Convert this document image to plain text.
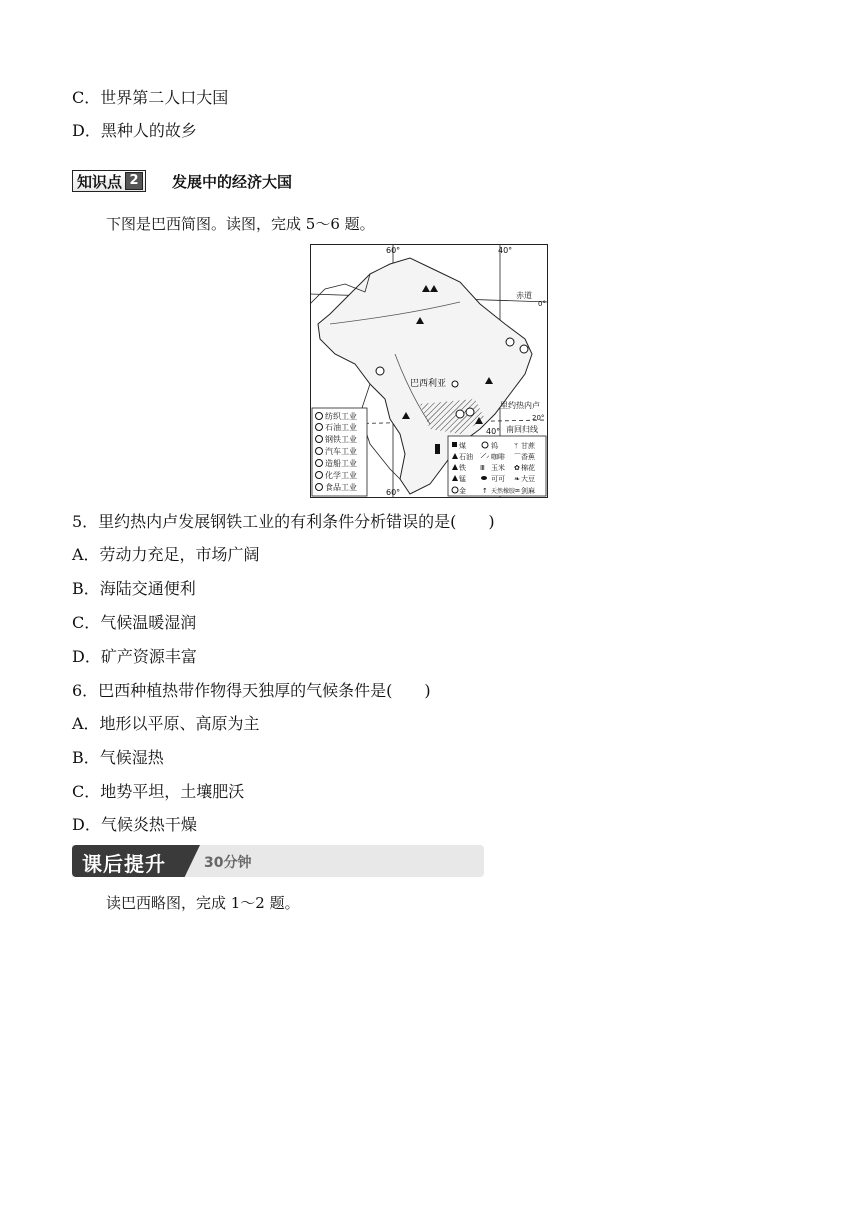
C．世界第二人口大国
D．黑种人的故乡
知识点 2 发展中的经济大国
下图是巴西简图。读图，完成 5～6 题。
60°	40°
60°
40°
赤道
0°
巴西利亚
里约热内卢
20°
南回归线
纺织工业
石油工业
钢铁工业
汽车工业
造船工业
化学工业
食品工业
煤	钨 ᛘ 甘蔗
石油	咖啡 ⌒ 香蕉
铁 Ⅲ 玉米 ✿ 棉花
锰	可可 ❧ 大豆
金 ↑ 天然橡胶
♒ 剑麻
5．里约热内卢发展钢铁工业的有利条件分析错误的是(　　)
A．劳动力充足，市场广阔
B．海陆交通便利
C．气候温暖湿润
D．矿产资源丰富
6．巴西种植热带作物得天独厚的气候条件是(　　)
A．地形以平原、高原为主
B．气候湿热
C．地势平坦，土壤肥沃
D．气候炎热干燥
课后提升	30分钟
读巴西略图，完成 1～2 题。
